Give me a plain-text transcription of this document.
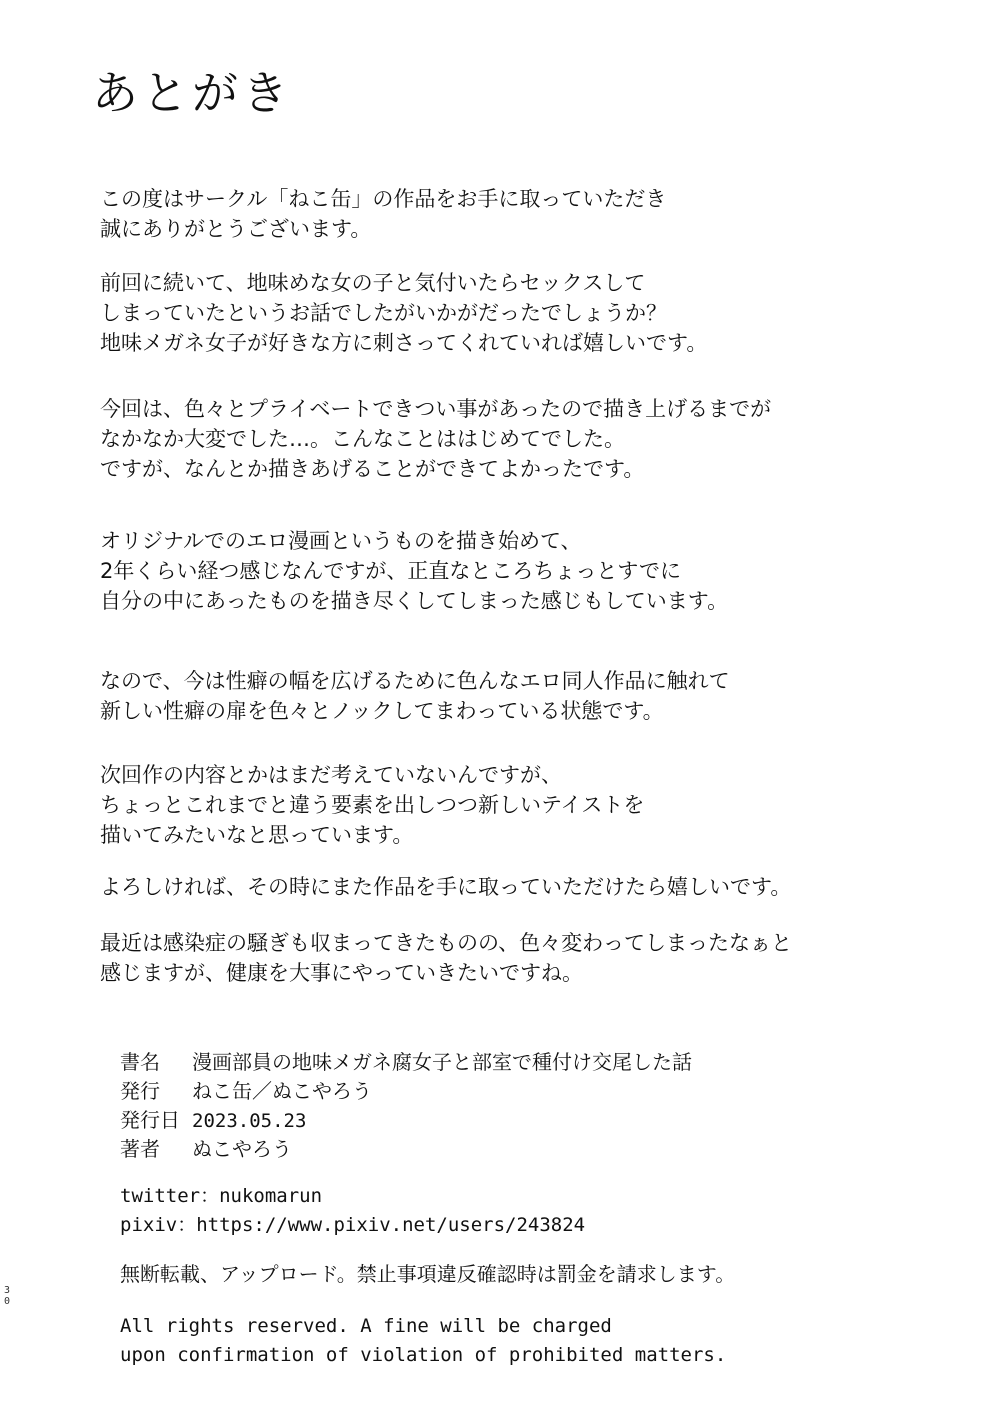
あとがき
この度はサークル「ねこ缶」の作品をお手に取っていただき
誠にありがとうございます。
前回に続いて、地味めな女の子と気付いたらセックスして
しまっていたというお話でしたがいかがだったでしょうか？
地味メガネ女子が好きな方に刺さってくれていれば嬉しいです。
今回は、色々とプライベートできつい事があったので描き上げるまでが
なかなか大変でした…。こんなことははじめてでした。
ですが、なんとか描きあげることができてよかったです。
オリジナルでのエロ漫画というものを描き始めて、
2年くらい経つ感じなんですが、正直なところちょっとすでに
自分の中にあったものを描き尽くしてしまった感じもしています。
なので、今は性癖の幅を広げるために色んなエロ同人作品に触れて
新しい性癖の扉を色々とノックしてまわっている状態です。
次回作の内容とかはまだ考えていないんですが、
ちょっとこれまでと違う要素を出しつつ新しいテイストを
描いてみたいなと思っています。
よろしければ、その時にまた作品を手に取っていただけたら嬉しいです。
最近は感染症の騒ぎも収まってきたものの、色々変わってしまったなぁと
感じますが、健康を大事にやっていきたいですね。
書名 漫画部員の地味メガネ腐女子と部室で種付け交尾した話
発行 ねこ缶／ぬこやろう
発行日 2023.05.23
著者 ぬこやろう
twitter：nukomarun
pixiv：https://www.pixiv.net/users/243824
無断転載、アップロード。禁止事項違反確認時は罰金を請求します。
All rights reserved. A fine will be charged
upon confirmation of violation of prohibited matters.
3
0
